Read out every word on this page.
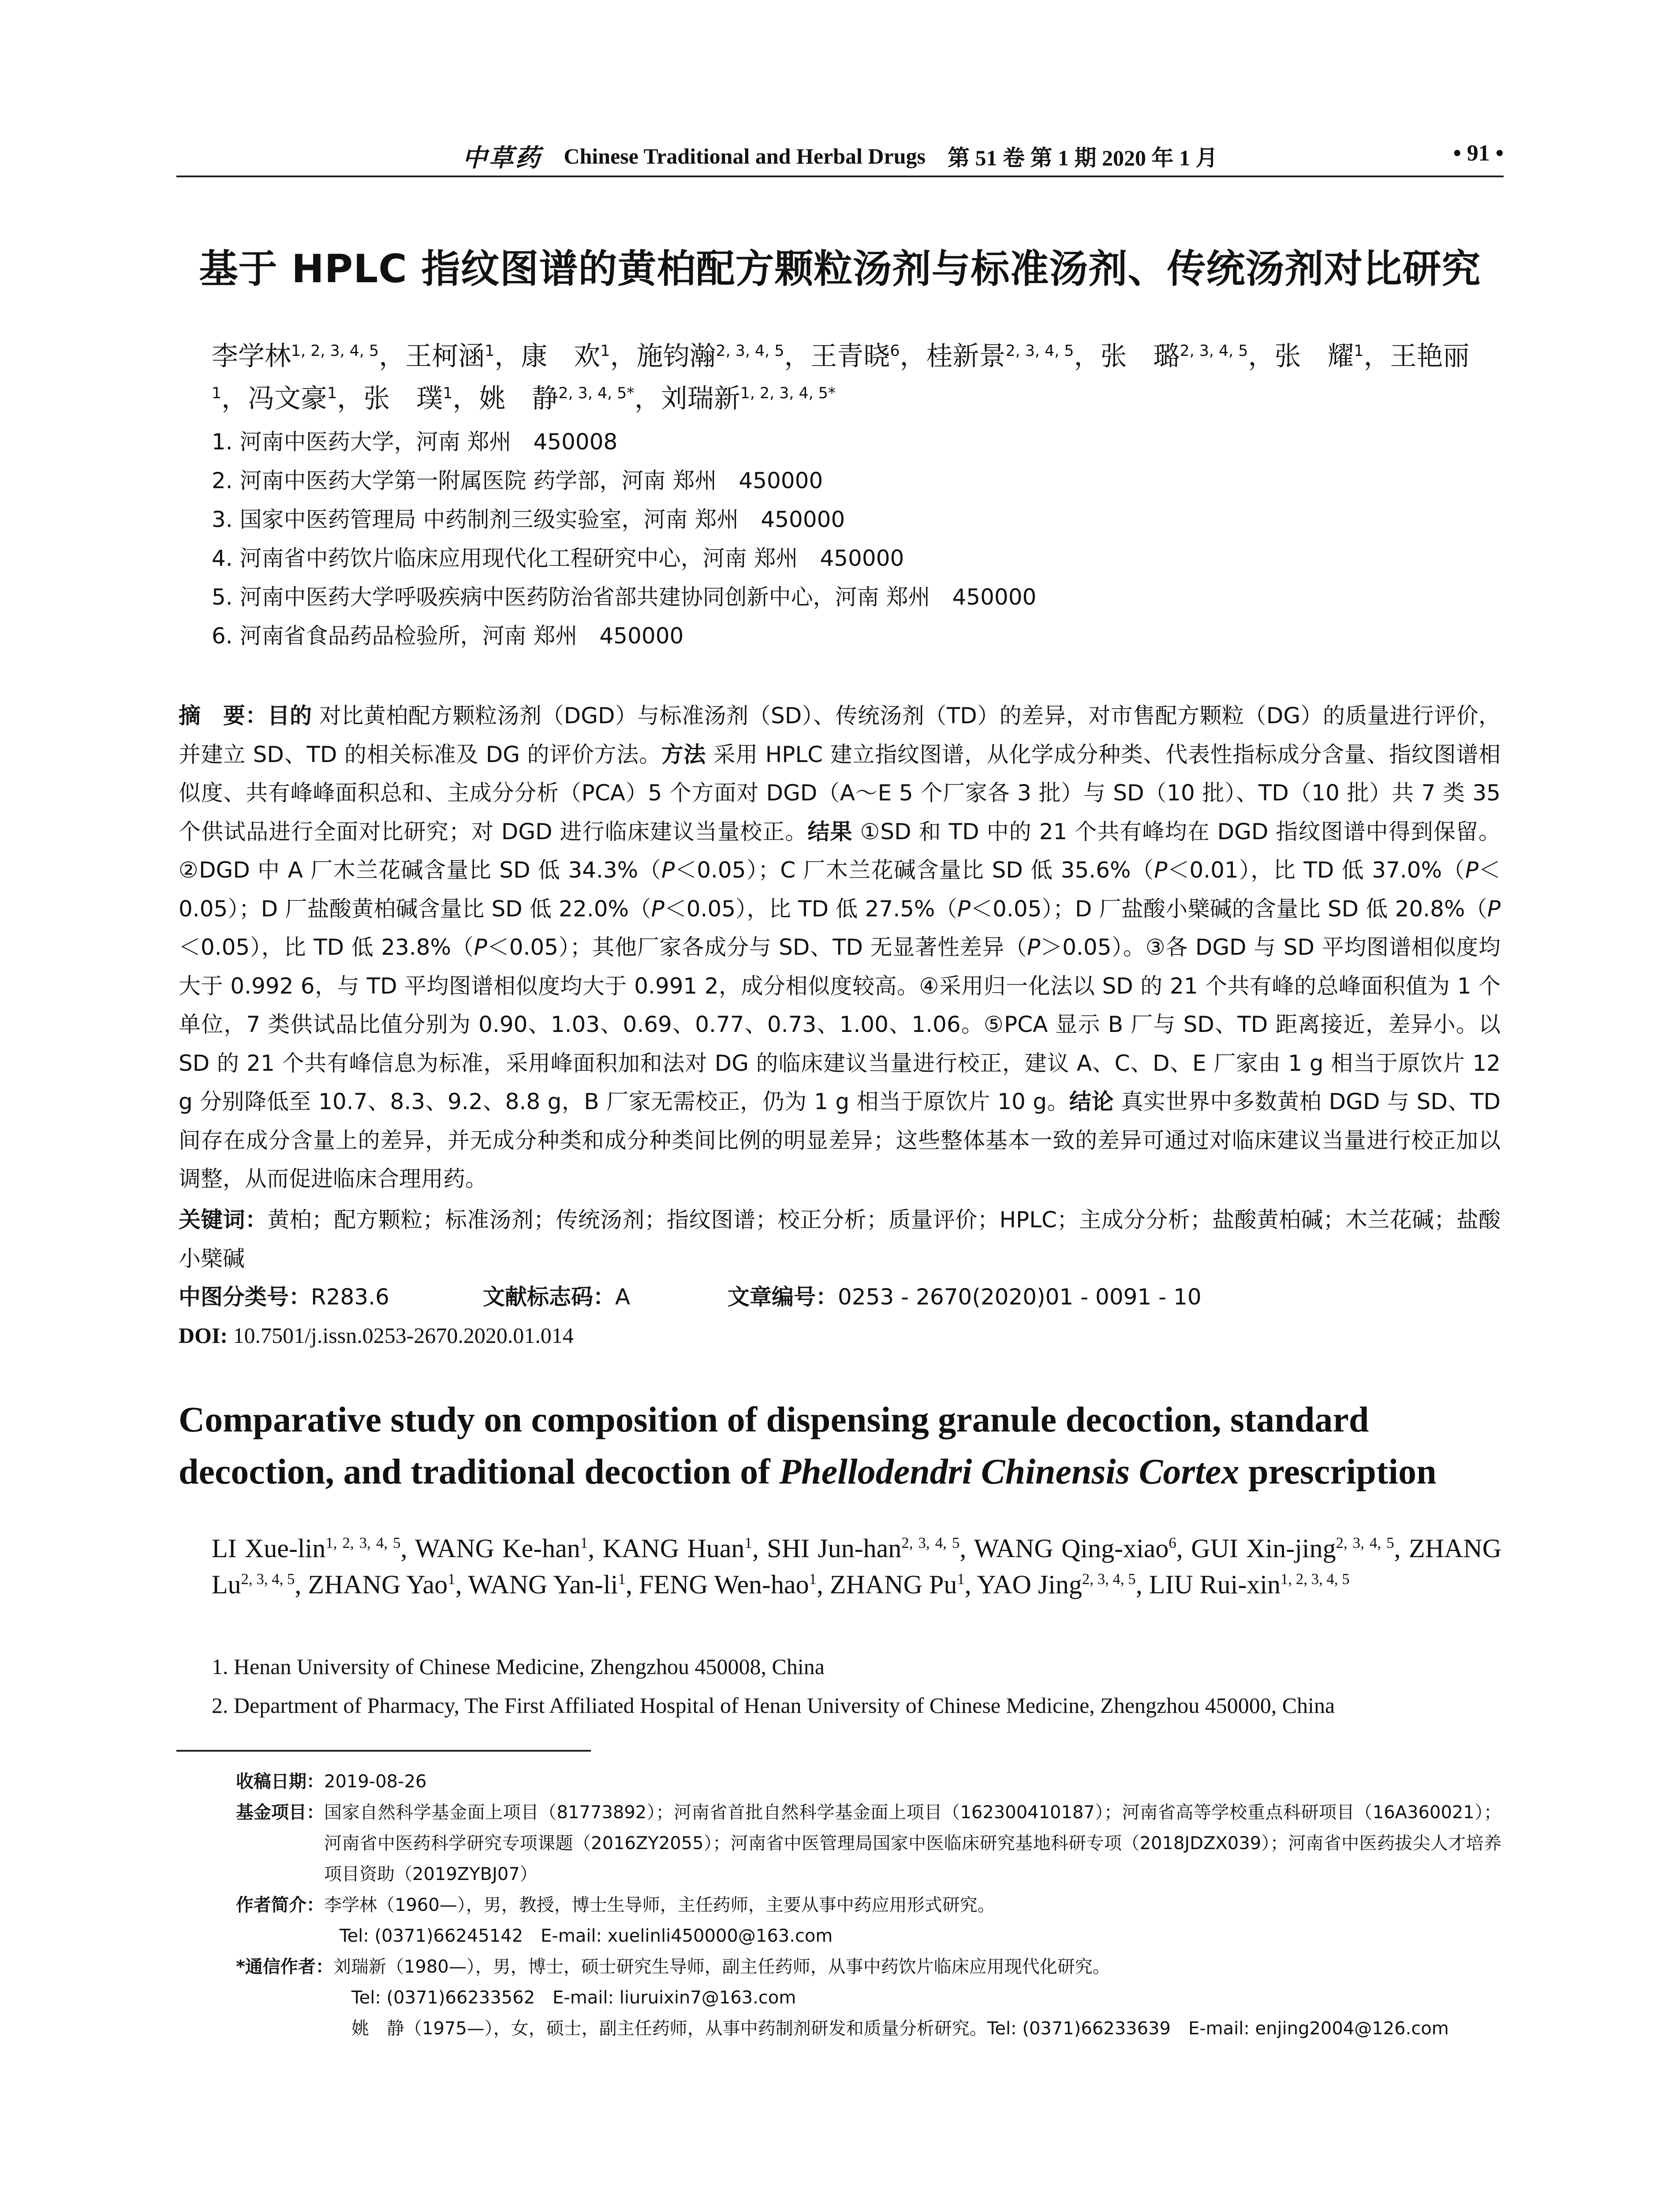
中草药 Chinese Traditional and Herbal Drugs 第 51 卷 第 1 期 2020 年 1 月	• 91 •
基于 HPLC 指纹图谱的黄柏配方颗粒汤剂与标准汤剂、传统汤剂对比研究
李学林$^{1, 2, 3, 4, 5}$，王柯涵$^1$，康　欢$^1$，施钧瀚$^{2, 3, 4, 5}$，王青晓$^6$，桂新景$^{2, 3, 4, 5}$，张　璐$^{2, 3, 4, 5}$，张　耀$^1$，王艳丽$^1$，冯文豪$^1$，张　璞$^1$，姚　静$^{2, 3, 4, 5*}$，刘瑞新$^{1, 2, 3, 4, 5*}$
1. 河南中医药大学，河南 郑州　450008
2. 河南中医药大学第一附属医院 药学部，河南 郑州　450000
3. 国家中医药管理局 中药制剂三级实验室，河南 郑州　450000
4. 河南省中药饮片临床应用现代化工程研究中心，河南 郑州　450000
5. 河南中医药大学呼吸疾病中医药防治省部共建协同创新中心，河南 郑州　450000
6. 河南省食品药品检验所，河南 郑州　450000
摘　要：目的 对比黄柏配方颗粒汤剂（DGD）与标准汤剂（SD）、传统汤剂（TD）的差异，对市售配方颗粒（DG）的质量进行评价，并建立 SD、TD 的相关标准及 DG 的评价方法。方法 采用 HPLC 建立指纹图谱，从化学成分种类、代表性指标成分含量、指纹图谱相似度、共有峰峰面积总和、主成分分析（PCA）5 个方面对 DGD（A～E 5 个厂家各 3 批）与 SD（10 批）、TD（10 批）共 7 类 35 个供试品进行全面对比研究；对 DGD 进行临床建议当量校正。结果 ①SD 和 TD 中的 21 个共有峰均在 DGD 指纹图谱中得到保留。②DGD 中 A 厂木兰花碱含量比 SD 低 34.3%（P＜0.05）；C 厂木兰花碱含量比 SD 低 35.6%（P＜0.01），比 TD 低 37.0%（P＜0.05）；D 厂盐酸黄柏碱含量比 SD 低 22.0%（P＜0.05），比 TD 低 27.5%（P＜0.05）；D 厂盐酸小檗碱的含量比 SD 低 20.8%（P＜0.05），比 TD 低 23.8%（P＜0.05）；其他厂家各成分与 SD、TD 无显著性差异（P＞0.05）。③各 DGD 与 SD 平均图谱相似度均大于 0.992 6，与 TD 平均图谱相似度均大于 0.991 2，成分相似度较高。④采用归一化法以 SD 的 21 个共有峰的总峰面积值为 1 个单位，7 类供试品比值分别为 0.90、1.03、0.69、0.77、0.73、1.00、1.06。⑤PCA 显示 B 厂与 SD、TD 距离接近，差异小。以 SD 的 21 个共有峰信息为标准，采用峰面积加和法对 DG 的临床建议当量进行校正，建议 A、C、D、E 厂家由 1 g 相当于原饮片 12 g 分别降低至 10.7、8.3、9.2、8.8 g，B 厂家无需校正，仍为 1 g 相当于原饮片 10 g。结论 真实世界中多数黄柏 DGD 与 SD、TD 间存在成分含量上的差异，并无成分种类和成分种类间比例的明显差异；这些整体基本一致的差异可通过对临床建议当量进行校正加以调整，从而促进临床合理用药。
关键词：黄柏；配方颗粒；标准汤剂；传统汤剂；指纹图谱；校正分析；质量评价；HPLC；主成分分析；盐酸黄柏碱；木兰花碱；盐酸小檗碱
中图分类号：R283.6	文献标志码：A	文章编号：0253 - 2670(2020)01 - 0091 - 10
DOI: 10.7501/j.issn.0253-2670.2020.01.014
Comparative study on composition of dispensing granule decoction, standard decoction, and traditional decoction of Phellodendri Chinensis Cortex prescription
LI Xue-lin$^{1, 2, 3, 4, 5}$, WANG Ke-han$^1$, KANG Huan$^1$, SHI Jun-han$^{2, 3, 4, 5}$, WANG Qing-xiao$^6$, GUI Xin-jing$^{2, 3, 4, 5}$, ZHANG Lu$^{2, 3, 4, 5}$, ZHANG Yao$^1$, WANG Yan-$li^1$, FENG Wen-hao$^1$, ZHANG Pu$^1$, YAO Jing$^{2, 3, 4, 5}$, LIU Rui-xin$^{1, 2, 3, 4, 5}$
1. Henan University of Chinese Medicine, Zhengzhou 450008, China
2. Department of Pharmacy, The First Affiliated Hospital of Henan University of Chinese Medicine, Zhengzhou 450000, China
收稿日期： 2019-08-26
基金项目： 国家自然科学基金面上项目（81773892）；河南省首批自然科学基金面上项目（162300410187）；河南省高等学校重点科研项目（16A360021）；河南省中医药科学研究专项课题（2016ZY2055）；河南省中医管理局国家中医临床研究基地科研专项（2018JDZX039）；河南省中医药拔尖人才培养项目资助（2019ZYBJ07）
作者简介： 李学林（1960—），男，教授，博士生导师，主任药师，主要从事中药应用形式研究。
Tel: (0371)66245142　E-mail: xuelinli450000@163.com
*通信作者： 刘瑞新（1980—），男，博士，硕士研究生导师，副主任药师，从事中药饮片临床应用现代化研究。
Tel: (0371)66233562　E-mail: liuruixin7@163.com
姚　静（1975—），女，硕士，副主任药师，从事中药制剂研发和质量分析研究。Tel: (0371)66233639　E-mail: enjing2004@126.com
